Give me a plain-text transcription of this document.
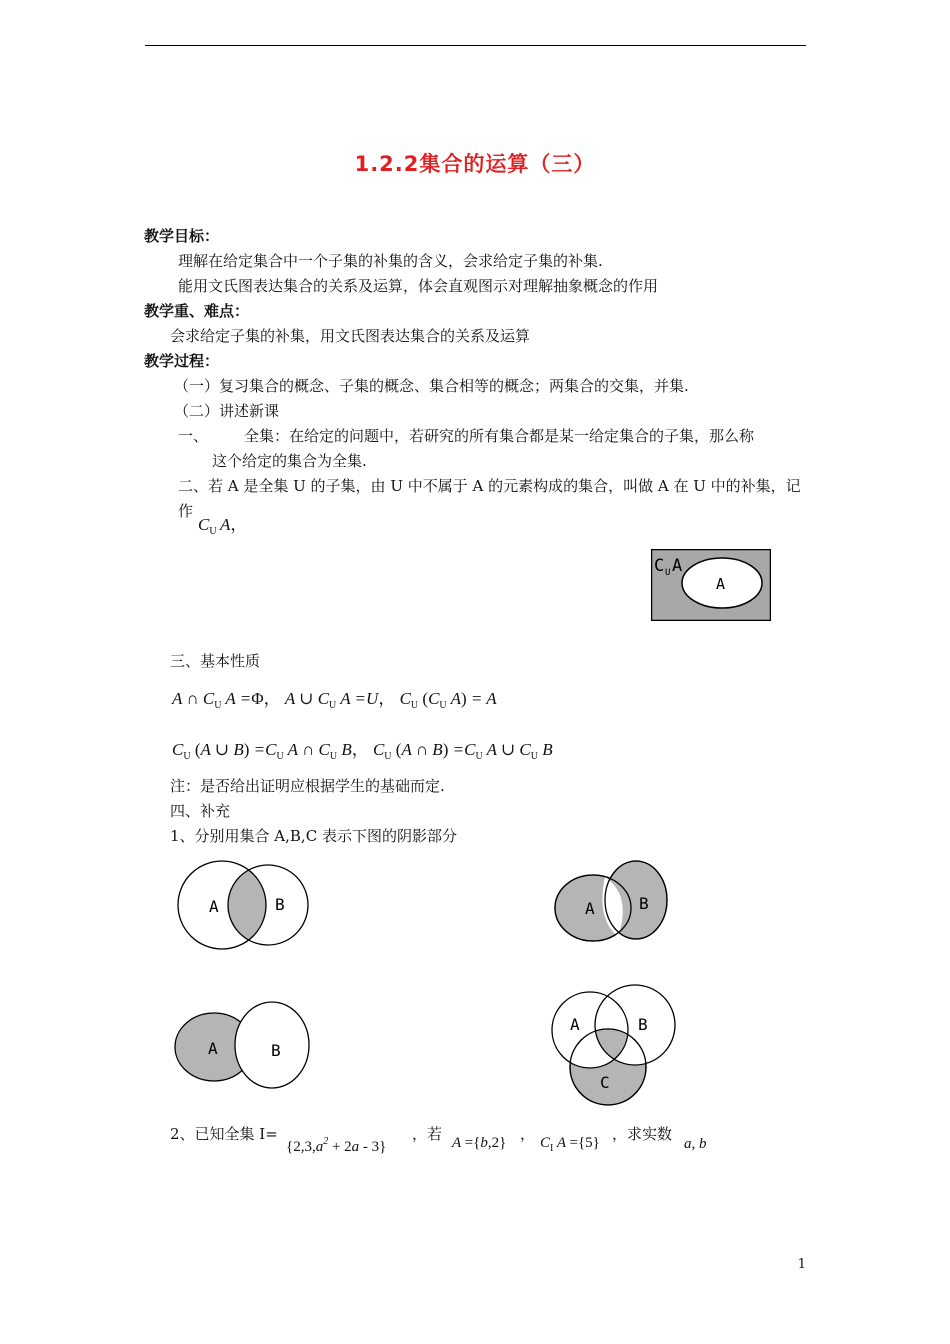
1.2.2集合的运算（三）
教学目标：
理解在给定集合中一个子集的补集的含义，会求给定子集的补集.
能用文氏图表达集合的关系及运算，体会直观图示对理解抽象概念的作用
教学重、难点：
会求给定子集的补集，用文氏图表达集合的关系及运算
教学过程：
（一）复习集合的概念、子集的概念、集合相等的概念；两集合的交集，并集.
（二）讲述新课
一、 全集：在给定的问题中，若研究的所有集合都是某一给定集合的子集，那么称
这个给定的集合为全集.
二、若 A 是全集 U 的子集，由 U 中不属于 A 的元素构成的集合，叫做 A 在 U 中的补集，记
作
$C_U$  A，
C U A
A
三、基本性质
A ∩ $C_U$ A =Φ， A ∪ $C_U$ A =U， $C_U$ ($C_U$ A) = A
$C_U$ (A ∪ $B) =C_U$ A ∩ $C_U$ B， $C_U$ (A ∩ $B) =C_U$ A ∪ $C_U$ B
注：是否给出证明应根据学生的基础而定.
四、补充
1、分别用集合 A,B,C 表示下图的阴影部分
A	B	A	B
A	B
A	B
C
2、已知全集 I=
$\{2,3,a^2 + 2a - 3\}$
，若 A ={b,2} ， $C_I$ A ={5} ，求实数
a, b
1
